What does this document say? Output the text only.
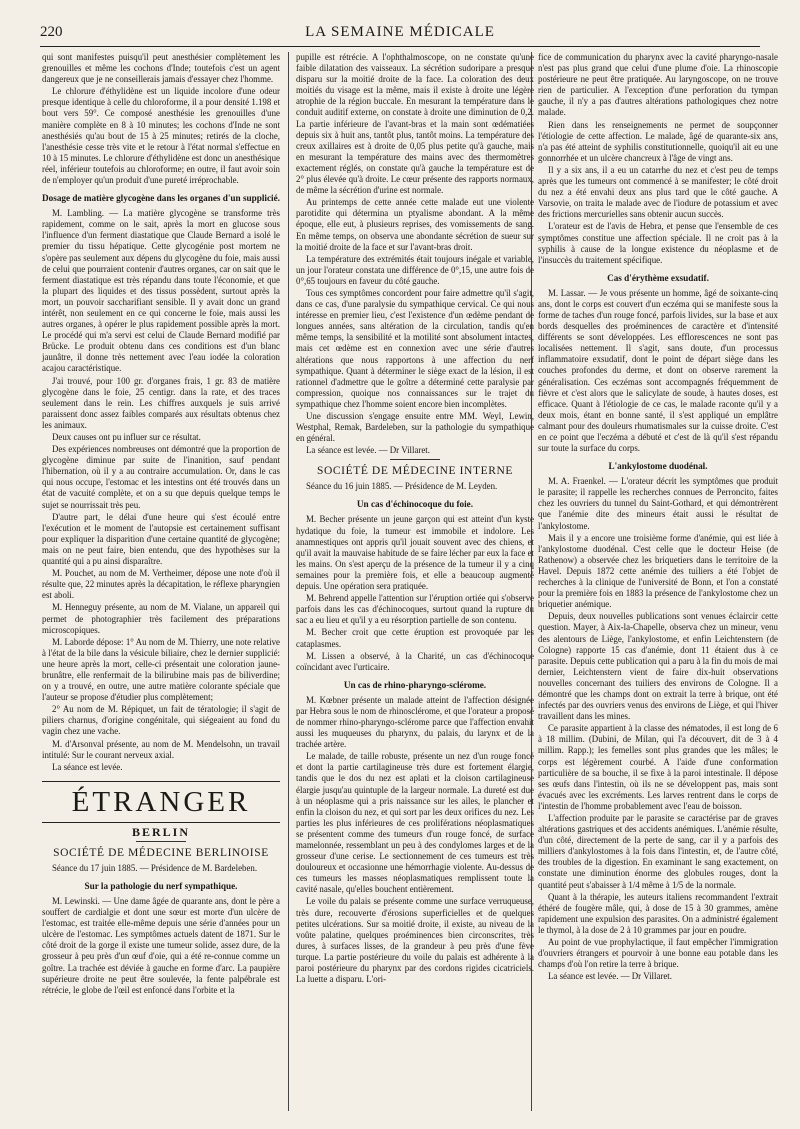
220	LA SEMAINE MÉDICALE

qui sont manifestes puisqu'il peut anesthésier complètement les grenouilles et même les cochons d'Inde; toutefois c'est un agent dangereux que je ne conseillerais jamais d'essayer chez l'homme.

Le chlorure d'éthylidène est un liquide incolore d'une odeur presque identique à celle du chloroforme, il a pour densité 1.198 et bout vers 59°. Ce composé anesthésie les grenouilles d'une manière complète en 8 à 10 minutes; les cochons d'Inde ne sont anesthésiés qu'au bout de 15 à 25 minutes; retirés de la cloche, l'anesthésie cesse très vite et le retour à l'état normal s'effectue en 10 à 15 minutes. Le chlorure d'éthylidène est donc un anesthésique réel, inférieur toutefois au chloroforme; en outre, il faut avoir soin de n'employer qu'un produit d'une pureté irréprochable.

Dosage de matière glycogène dans les organes d'un supplicié.

M. Lambling. — La matière glycogène se transforme très rapidement, comme on le sait, après la mort en glucose sous l'influence d'un ferment diastatique que Claude Bernard a isolé le premier du tissu hépatique. Cette glycogénie post mortem ne s'opère pas seulement aux dépens du glycogène du foie, mais aussi de celui que pourraient contenir d'autres organes, car on sait que le ferment diastatique est très répandu dans toute l'économie, et que la plupart des liquides et des tissus possèdent, surtout après la mort, un pouvoir saccharifiant sensible. Il y avait donc un grand intérêt, non seulement en ce qui concerne le foie, mais aussi les autres organes, à opérer le plus rapidement possible après la mort. Le procédé qui m'a servi est celui de Claude Bernard modifié par Brücke. Le produit obtenu dans ces conditions est d'un blanc jaunâtre, il donne très nettement avec l'eau iodée la coloration acajou caractéristique.

J'ai trouvé, pour 100 gr. d'organes frais, 1 gr. 83 de matière glycogène dans le foie, 25 centigr. dans la rate, et des traces seulement dans le rein. Les chiffres auxquels je suis arrivé paraissent donc assez faibles comparés aux résultats obtenus chez les animaux.

Deux causes ont pu influer sur ce résultat.

Des expériences nombreuses ont démontré que la proportion de glycogène diminue par suite de l'inanition, sauf pendant l'hibernation, où il y a au contraire accumulation. Or, dans le cas qui nous occupe, l'estomac et les intestins ont été trouvés dans un état de vacuité complète, et on a su que depuis quelque temps le sujet se nourrissait très peu.

D'autre part, le délai d'une heure qui s'est écoulé entre l'exécution et le moment de l'autopsie est certainement suffisant pour expliquer la disparition d'une certaine quantité de glycogène; mais on ne peut faire, bien entendu, que des hypothèses sur la quantité qui a pu ainsi disparaître.

M. Pouchet, au nom de M. Vertheimer, dépose une note d'où il résulte que, 22 minutes après la décapitation, le réflexe pharyngien est aboli.

M. Henneguy présente, au nom de M. Vialane, un appareil qui permet de photographier très facilement des préparations microscopiques.

M. Laborde dépose: 1° Au nom de M. Thierry, une note relative à l'état de la bile dans la vésicule biliaire, chez le dernier supplicié: une heure après la mort, celle-ci présentait une coloration jaune-brunâtre, elle renfermait de la bilirubine mais pas de biliverdine; on y a trouvé, en outre, une autre matière colorante spéciale que l'auteur se propose d'étudier plus complètement;

2° Au nom de M. Répiquet, un fait de tératologie; il s'agit de piliers charnus, d'origine congénitale, qui siégeaient au fond du vagin chez une vache.

M. d'Arsonval présente, au nom de M. Mendelsohn, un travail intitulé: Sur le courant nerveux axial.

La séance est levée.

ÉTRANGER
BERLIN
SOCIÉTÉ DE MÉDECINE BERLINOISE
Séance du 17 juin 1885. — Présidence de M. Bardeleben.
Sur la pathologie du nerf sympathique.

M. Lewinski. — Une dame âgée de quarante ans, dont le père a souffert de cardialgie et dont une sœur est morte d'un ulcère de l'estomac, est traitée elle-même depuis une série d'années pour un ulcère de l'estomac. Les symptômes actuels datent de 1871. Sur le côté droit de la gorge il existe une tumeur solide, assez dure, de la grosseur à peu près d'un œuf d'oie, qui a été re-connue comme un goître. La trachée est déviée à gauche en forme d'arc. La paupière supérieure droite ne peut être soulevée, la fente palpébrale est rétrécie, le globe de l'œil est enfoncé dans l'orbite et la

pupille est rétrécie. A l'ophthalmoscope, on ne constate qu'une faible dilatation des vaisseaux. La sécrétion sudoripare a presque disparu sur la moitié droite de la face. La coloration des deux moitiés du visage est la même, mais il existe à droite une légère atrophie de la région buccale. En mesurant la température dans le conduit auditif externe, on constate à droite une diminution de 0,2. La partie inférieure de l'avant-bras et la main sont œdématiées depuis six à huit ans, tantôt plus, tantôt moins. La température des creux axillaires est à droite de 0,05 plus petite qu'à gauche, mais en mesurant la température des mains avec des thermomètres exactement réglés, on constate qu'à gauche la température est de 2° plus élevée qu'à droite. Le cœur présente des rapports normaux, de même la sécrétion d'urine est normale.

Au printemps de cette année cette malade eut une violente parotidite qui détermina un ptyalisme abondant. A la même époque, elle eut, à plusieurs reprises, des vomissements de sang. En même temps, on observa une abondante sécrétion de sueur sur la moitié droite de la face et sur l'avant-bras droit.

La température des extrémités était toujours inégale et variable, un jour l'orateur constata une différence de 0°,15, une autre fois de 0°,65 toujours en faveur du côté gauche.

Tous ces symptômes concordent pour faire admettre qu'il s'agit, dans ce cas, d'une paralysie du sympathique cervical. Ce qui nous intéresse en premier lieu, c'est l'existence d'un œdème pendant de longues années, sans altération de la circulation, tandis qu'en même temps, la sensibilité et la motilité sont absolument intactes, mais cet œdème est en connexion avec une série d'autres altérations que nous rapportons à une affection du nerf sympathique. Quant à déterminer le siège exact de la lésion, il est rationnel d'admettre que le goître a déterminé cette paralysie par compression, quoique nos connaissances sur le trajet du sympathique chez l'homme soient encore bien incomplètes.

Une discussion s'engage ensuite entre MM. Weyl, Lewin, Westphal, Remak, Bardeleben, sur la pathologie du sympathique en général.

La séance est levée. — Dr Villaret.

SOCIÉTÉ DE MÉDECINE INTERNE
Séance du 16 juin 1885. — Présidence de M. Leyden.
Un cas d'échinocoque du foie.

M. Becher présente un jeune garçon qui est atteint d'un kyste hydatique du foie, la tumeur est immobile et indolore. Les anamnestiques ont appris qu'il jouait souvent avec des chiens, et qu'il avait la mauvaise habitude de se faire lécher par eux la face et les mains. On s'est aperçu de la présence de la tumeur il y a cinq semaines pour la première fois, et elle a beaucoup augmenté depuis. Une opération sera pratiquée.

M. Behrend appelle l'attention sur l'éruption ortiée qui s'observe parfois dans les cas d'échinocoques, surtout quand la rupture du sac a eu lieu et qu'il y a eu résorption partielle de son contenu.

M. Becher croit que cette éruption est provoquée par les cataplasmes.

M. Lissen a observé, à la Charité, un cas d'échinocoque coïncidant avec l'urticaire.

Un cas de rhino-pharyngo-sclérome.

M. Kœbner présente un malade atteint de l'affection désignée par Hebra sous le nom de rhinosclérome, et que l'orateur a proposé de nommer rhino-pharyngo-sclérome parce que l'affection envahit aussi les muqueuses du pharynx, du palais, du larynx et de la trachée artère.

Le malade, de taille robuste, présente un nez d'un rouge foncé et dont la partie cartilagineuse très dure est fortement élargie, tandis que le dos du nez est aplati et la cloison cartilagineuse élargie jusqu'au quintuple de la largeur normale. La dureté est due à un néoplasme qui a pris naissance sur les ailes, le plancher et enfin la cloison du nez, et qui sort par les deux orifices du nez. Les parties les plus inférieures de ces proliférations néoplasmatiques se présentent comme des tumeurs d'un rouge foncé, de surface mamelonnée, ressemblant un peu à des condylomes larges et de la grosseur d'une cerise. Le sectionnement de ces tumeurs est très douloureux et occasionne une hémorrhagie violente. Au-dessus de ces tumeurs les masses néoplasmatiques remplissent toute la cavité nasale, qu'elles bouchent entièrement.

Le voile du palais se présente comme une surface verruqueuse, très dure, recouverte d'érosions superficielles et de quelques petites ulcérations. Sur sa moitié droite, il existe, au niveau de la voûte palatine, quelques proéminences bien circonscrites, très dures, à surfaces lisses, de la grandeur à peu près d'une fève turque. La partie postérieure du voile du palais est adhérente à la paroi postérieure du pharynx par des cordons rigides cicatriciels. La luette a disparu. L'ori-

fice de communication du pharynx avec la cavité pharyngo-nasale n'est pas plus grand que celui d'une plume d'oie. La rhinoscopie postérieure ne peut être pratiquée. Au laryngoscope, on ne trouve rien de particulier. A l'exception d'une perforation du tympan gauche, il n'y a pas d'autres altérations pathologiques chez notre malade.

Rien dans les renseignements ne permet de soupçonner l'étiologie de cette affection. Le malade, âgé de quarante-six ans, n'a pas été atteint de syphilis constitutionnelle, quoiqu'il ait eu une gonnorrhée et un ulcère chancreux à l'âge de vingt ans.

Il y a six ans, il a eu un catarrhe du nez et c'est peu de temps après que les tumeurs ont commencé à se manifester; le côté droit du nez a été envahi deux ans plus tard que le côté gauche. A Varsovie, on traita le malade avec de l'iodure de potassium et avec des frictions mercurielles sans obtenir aucun succès.

L'orateur est de l'avis de Hebra, et pense que l'ensemble de ces symptômes constitue une affection spéciale. Il ne croit pas à la syphilis à cause de la longue existence du néoplasme et de l'insuccès du traitement spécifique.

Cas d'érythème exsudatif.

M. Lassar. — Je vous présente un homme, âgé de soixante-cinq ans, dont le corps est couvert d'un eczéma qui se manifeste sous la forme de taches d'un rouge foncé, parfois livides, sur la base et aux bords desquelles des proéminences de caractère et d'intensité différents se sont développées. Les efflorescences ne sont pas localisées nettement. Il s'agit, sans doute, d'un processus inflammatoire exsudatif, dont le point de départ siège dans les couches profondes du derme, et dont on observe rarement la généralisation. Ces eczémas sont accompagnés fréquemment de fièvre et c'est alors que le salicylate de soude, à hautes doses, est efficace. Quant à l'étiologie de ce cas, le malade raconte qu'il y a deux mois, étant en bonne santé, il s'est appliqué un emplâtre calmant pour des douleurs rhumatismales sur la cuisse droite. C'est en ce point que l'eczéma a débuté et c'est de là qu'il s'est répandu sur toute la surface du corps.

L'ankylostome duodénal.

M. A. Fraenkel. — L'orateur décrit les symptômes que produit le parasite; il rappelle les recherches connues de Perroncito, faites chez les ouvriers du tunnel du Saint-Gothard, et qui démontrèrent que l'anémie dite des mineurs était aussi le résultat de l'ankylostome.

Mais il y a encore une troisième forme d'anémie, qui est liée à l'ankylostome duodénal. C'est celle que le docteur Heise (de Rathenow) a observée chez les briquetiers dans le territoire de la Havel. Depuis 1872 cette anémie des tuiliers a été l'objet de recherches à la clinique de l'université de Bonn, et l'on a constaté pour la première fois en 1883 la présence de l'ankylostome chez un briquetier anémique.

Depuis, deux nouvelles publications sont venues éclaircir cette question. Mayer, à Aix-la-Chapelle, observa chez un mineur, venu des alentours de Liège, l'ankylostome, et enfin Leichtenstern (de Cologne) rapporte 15 cas d'anémie, dont 11 étaient dus à ce parasite. Depuis cette publication qui a paru à la fin du mois de mai dernier, Leichtenstern vient de faire dix-huit observations nouvelles concernant des tuiliers des environs de Cologne. Il a démontré que les champs dont on extrait la terre à brique, ont été infectés par des ouvriers venus des environs de Liège, et qui l'hiver travaillent dans les mines.

Ce parasite appartient à la classe des nématodes, il est long de 6 à 18 millim. (Dubini, de Milan, qui l'a découvert, dit de 3 à 4 millim. Rapp.); les femelles sont plus grandes que les mâles; le corps est légèrement courbé. A l'aide d'une conformation particulière de sa bouche, il se fixe à la paroi intestinale. Il dépose ses œufs dans l'intestin, où ils ne se développent pas, mais sont évacués avec les excréments. Les larves rentrent dans le corps de l'intestin de l'homme probablement avec l'eau de boisson.

L'affection produite par le parasite se caractérise par de graves altérations gastriques et des accidents anémiques. L'anémie résulte, d'un côté, directement de la perte de sang, car il y a parfois des milliers d'ankylostomes à la fois dans l'intestin, et, de l'autre côté, des troubles de la digestion. En examinant le sang exactement, on constate une diminution énorme des globules rouges, dont la quantité peut s'abaisser à 1/4 même à 1/5 de la normale.

Quant à la thérapie, les auteurs italiens recommandent l'extrait éthéré de fougère mâle, qui, à dose de 15 à 30 grammes, amène rapidement une expulsion des parasites. On a administré également le thymol, à la dose de 2 à 10 grammes par jour en poudre.

Au point de vue prophylactique, il faut empêcher l'immigration d'ouvriers étrangers et pourvoir à une bonne eau potable dans les champs d'où l'on retire la terre à brique.

La séance est levée. — Dr Villaret.
